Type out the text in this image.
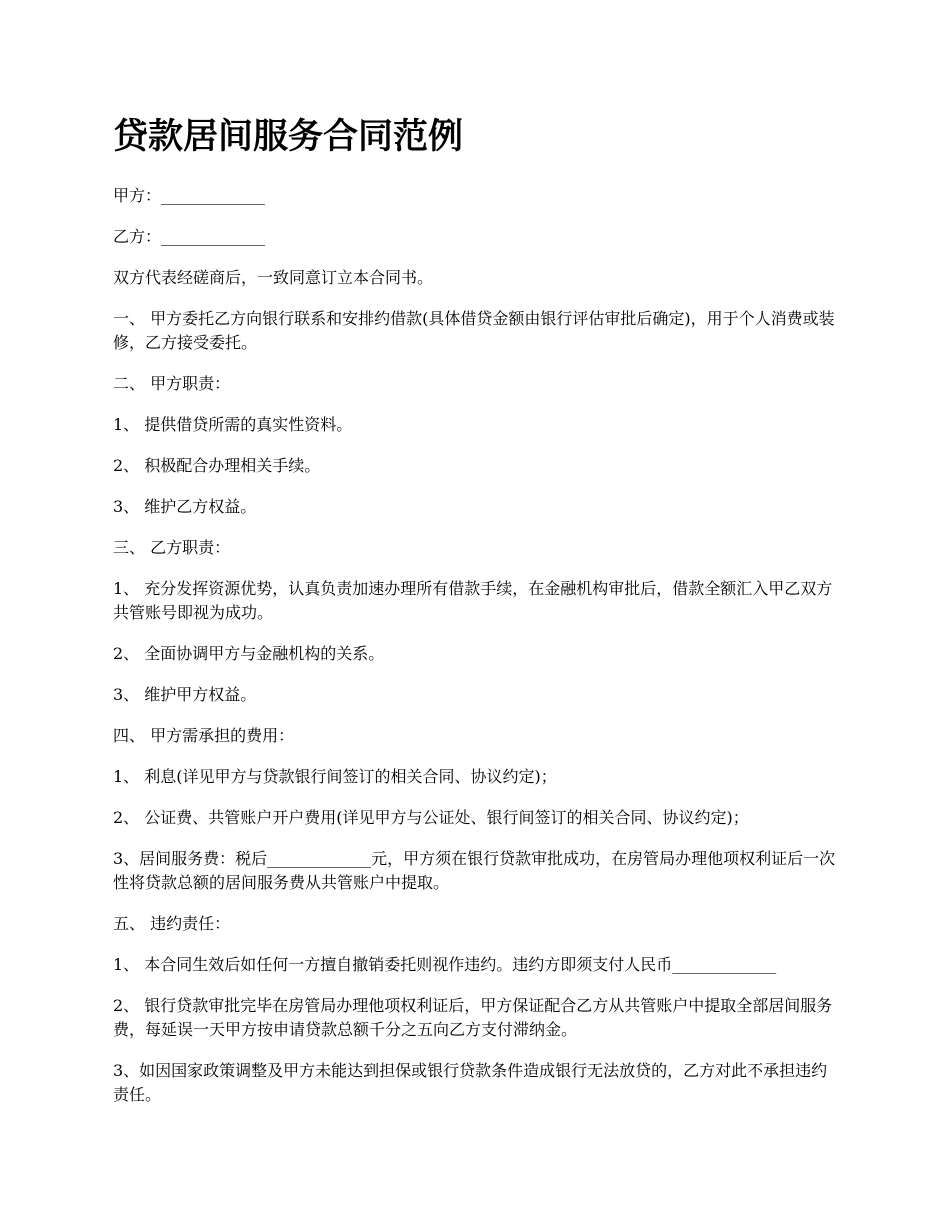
贷款居间服务合同范例

甲方：_____________

乙方：_____________

双方代表经磋商后，一致同意订立本合同书。

一、 甲方委托乙方向银行联系和安排约借款(具体借贷金额由银行评估审批后确定)，用于个人消费或装修，乙方接受委托。

二、 甲方职责：

1、 提供借贷所需的真实性资料。

2、 积极配合办理相关手续。

3、 维护乙方权益。

三、 乙方职责：

1、 充分发挥资源优势，认真负责加速办理所有借款手续，在金融机构审批后，借款全额汇入甲乙双方共管账号即视为成功。

2、 全面协调甲方与金融机构的关系。

3、 维护甲方权益。

四、 甲方需承担的费用：

1、 利息(详见甲方与贷款银行间签订的相关合同、协议约定)；

2、 公证费、共管账户开户费用(详见甲方与公证处、银行间签订的相关合同、协议约定)；

3、居间服务费：税后_____________元，甲方须在银行贷款审批成功，在房管局办理他项权利证后一次性将贷款总额的居间服务费从共管账户中提取。

五、 违约责任：

1、 本合同生效后如任何一方擅自撤销委托则视作违约。违约方即须支付人民币_____________

2、 银行贷款审批完毕在房管局办理他项权利证后，甲方保证配合乙方从共管账户中提取全部居间服务费，每延误一天甲方按申请贷款总额千分之五向乙方支付滞纳金。

3、如因国家政策调整及甲方未能达到担保或银行贷款条件造成银行无法放贷的，乙方对此不承担违约责任。
